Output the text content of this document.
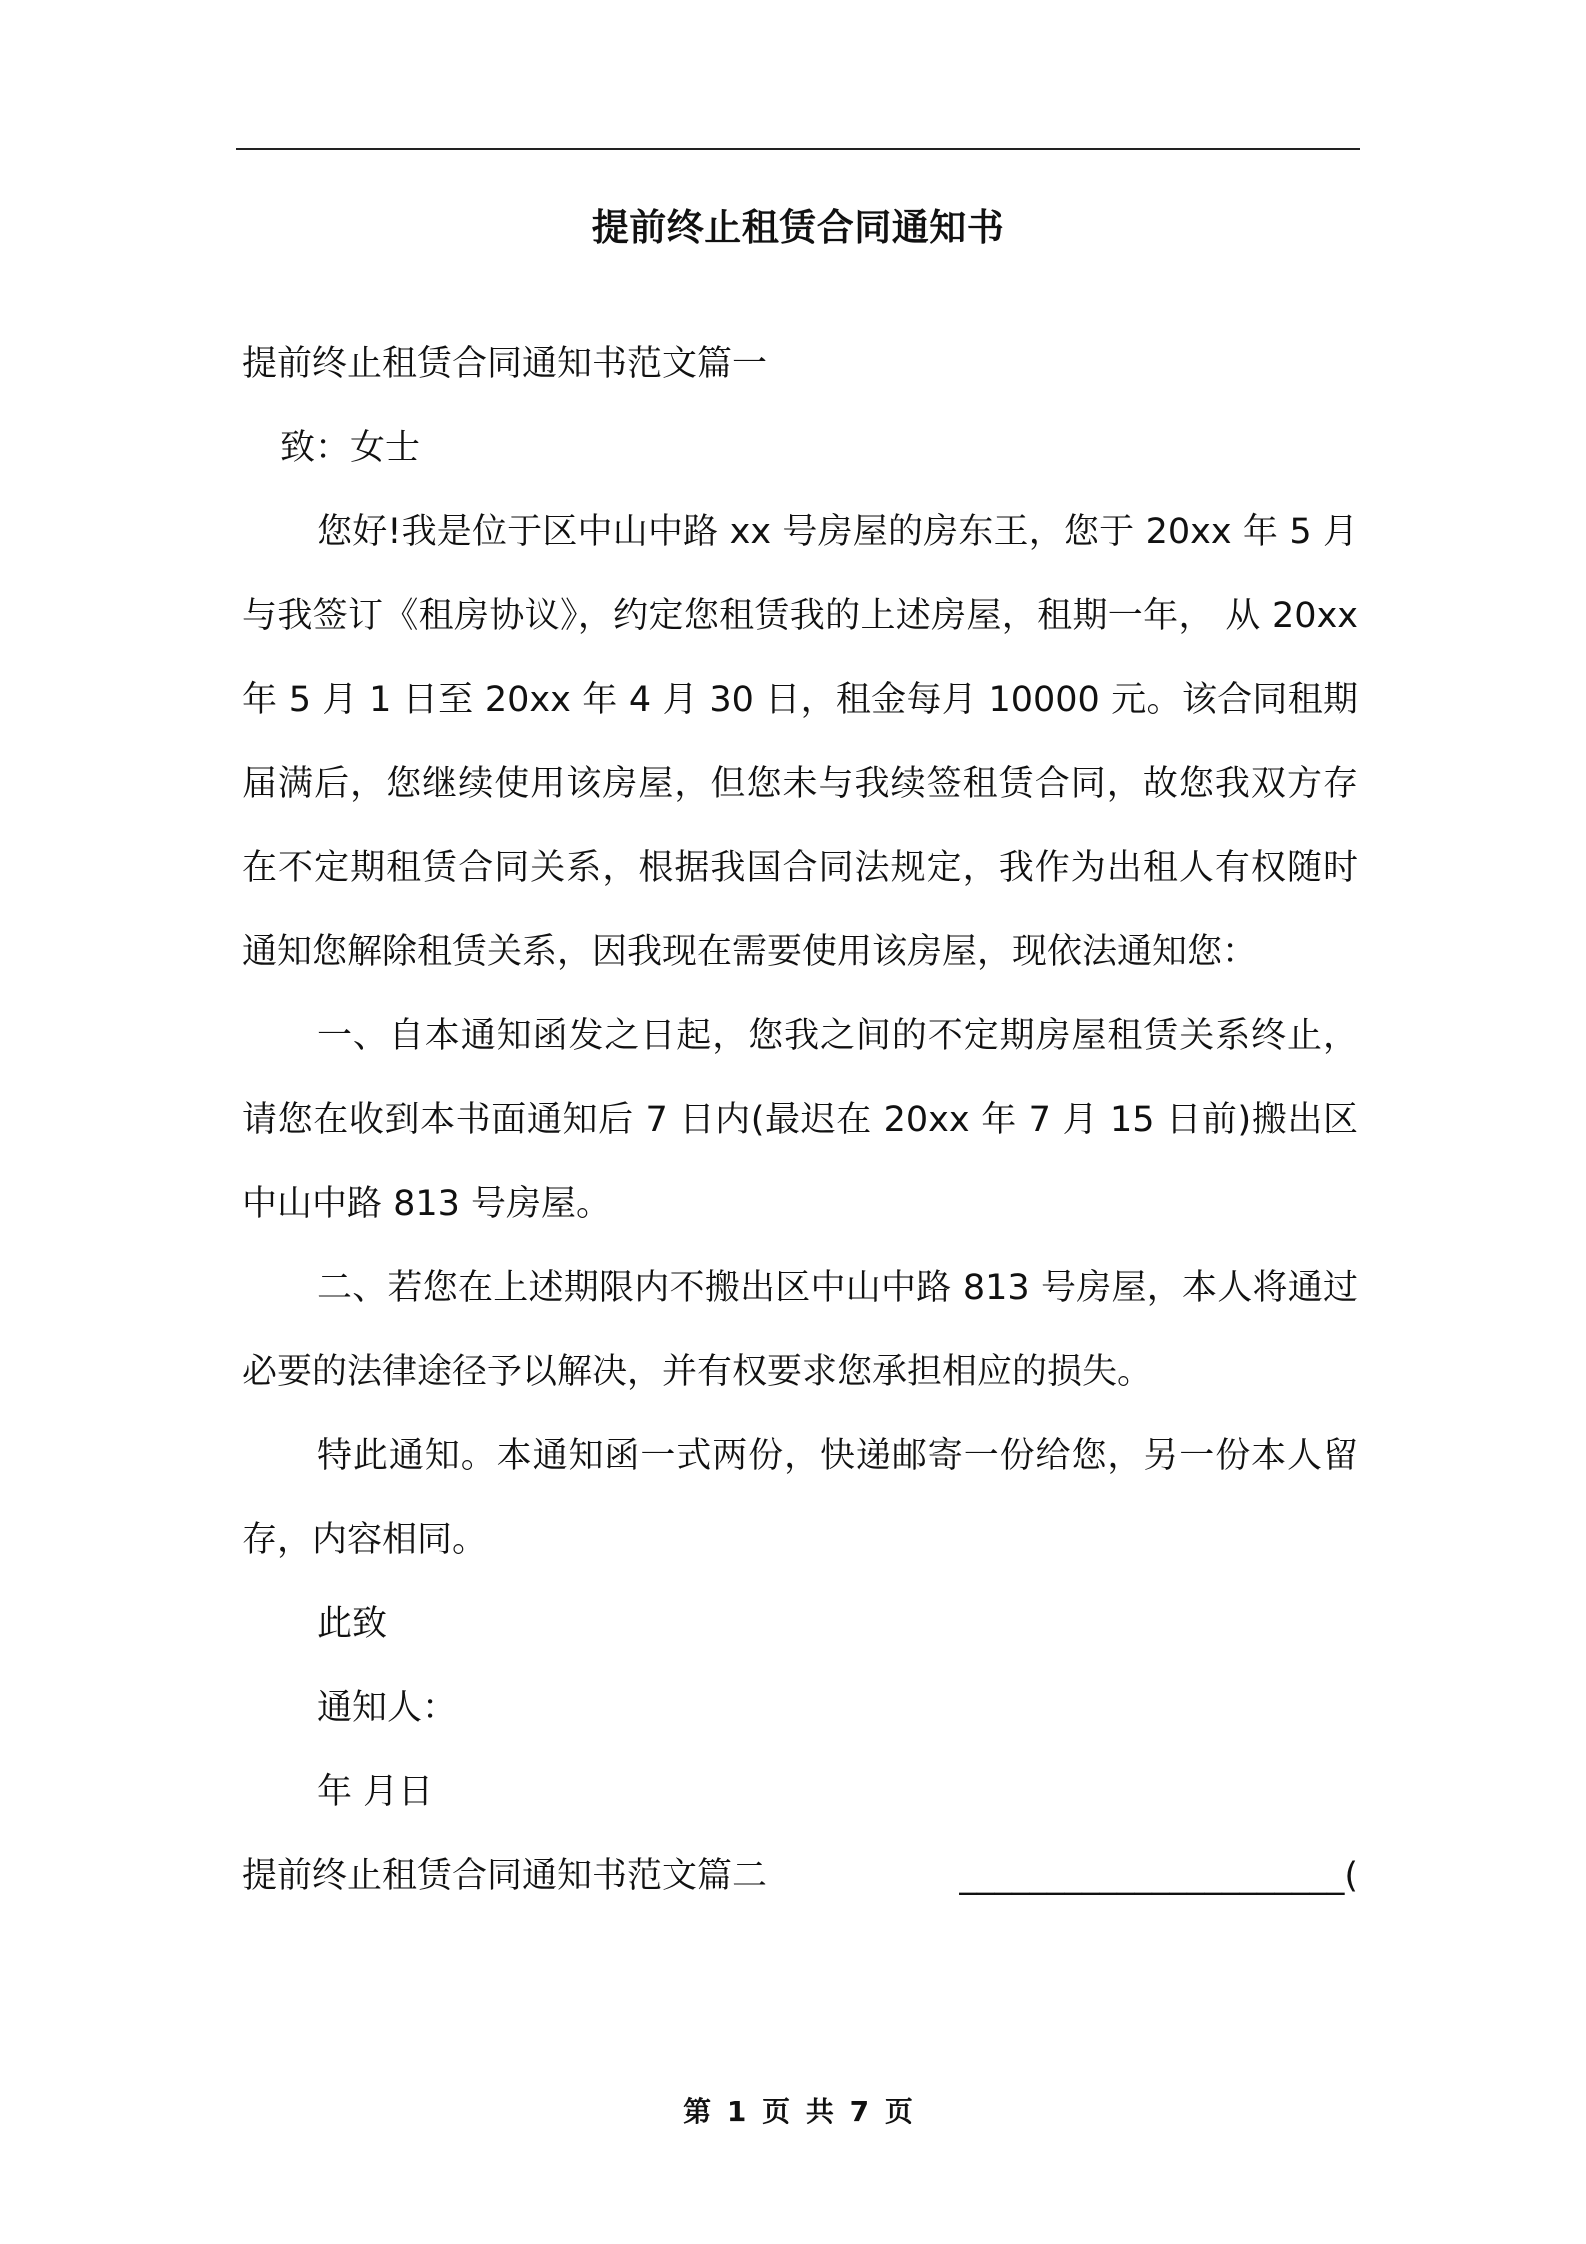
提前终止租赁合同通知书

提前终止租赁合同通知书范文篇一

致：女士

您好!我是位于区中山中路 xx 号房屋的房东王，您于 20xx 年 5 月与我签订《租房协议》，约定您租赁我的上述房屋，租期一年， 从 20xx 年 5 月 1 日至 20xx 年 4 月 30 日，租金每月 10000 元。该合同租期届满后，您继续使用该房屋，但您未与我续签租赁合同，故您我双方存在不定期租赁合同关系，根据我国合同法规定，我作为出租人有权随时通知您解除租赁关系，因我现在需要使用该房屋，现依法通知您：

一、自本通知函发之日起，您我之间的不定期房屋租赁关系终止，请您在收到本书面通知后 7 日内(最迟在 20xx 年 7 月 15 日前)搬出区中山中路 813 号房屋。

二、若您在上述期限内不搬出区中山中路 813 号房屋，本人将通过必要的法律途径予以解决，并有权要求您承担相应的损失。

特此通知。本通知函一式两份，快递邮寄一份给您，另一份本人留存，内容相同。

此致

通知人：

年 月日

提前终止租赁合同通知书范文篇二	______________________(
第 1 页 共 7 页
